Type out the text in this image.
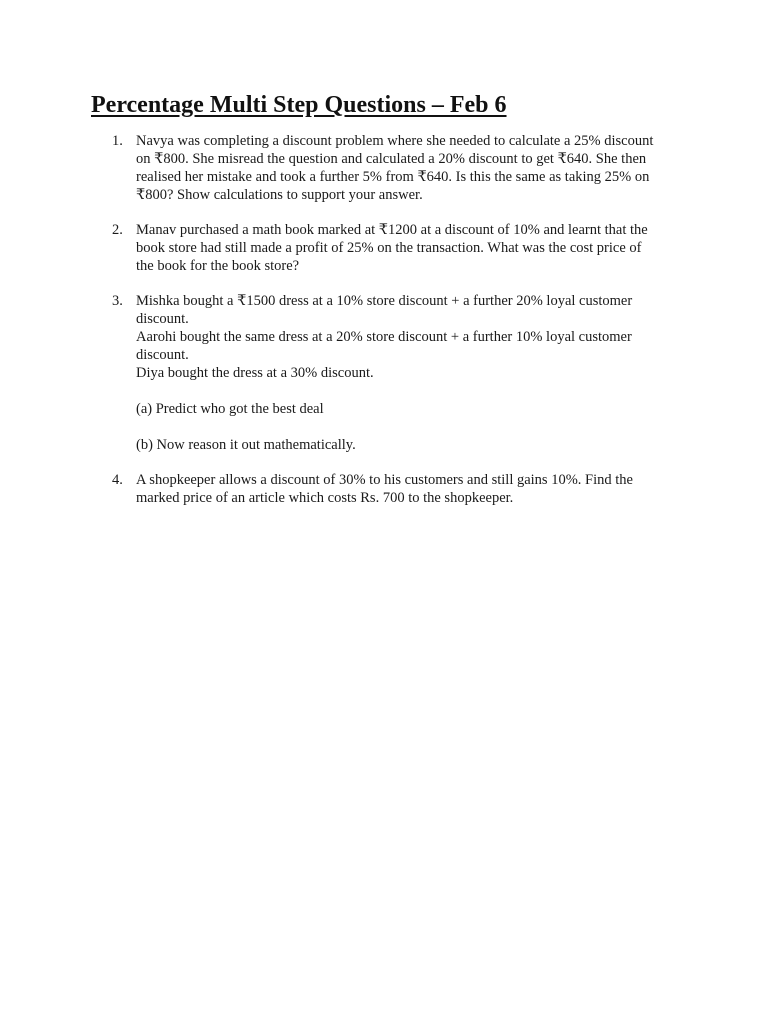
Percentage Multi Step Questions – Feb 6
1. Navya was completing a discount problem where she needed to calculate a 25% discount
on ₹800. She misread the question and calculated a 20% discount to get ₹640. She then
realised her mistake and took a further 5% from ₹640. Is this the same as taking 25% on
₹800? Show calculations to support your answer.
2. Manav purchased a math book marked at ₹1200 at a discount of 10% and learnt that the
book store had still made a profit of 25% on the transaction. What was the cost price of
the book for the book store?
3. Mishka bought a ₹1500 dress at a 10% store discount + a further 20% loyal customer
discount.
Aarohi bought the same dress at a 20% store discount + a further 10% loyal customer
discount.
Diya bought the dress at a 30% discount.
(a) Predict who got the best deal
(b) Now reason it out mathematically.
4. A shopkeeper allows a discount of 30% to his customers and still gains 10%. Find the
marked price of an article which costs Rs. 700 to the shopkeeper.
